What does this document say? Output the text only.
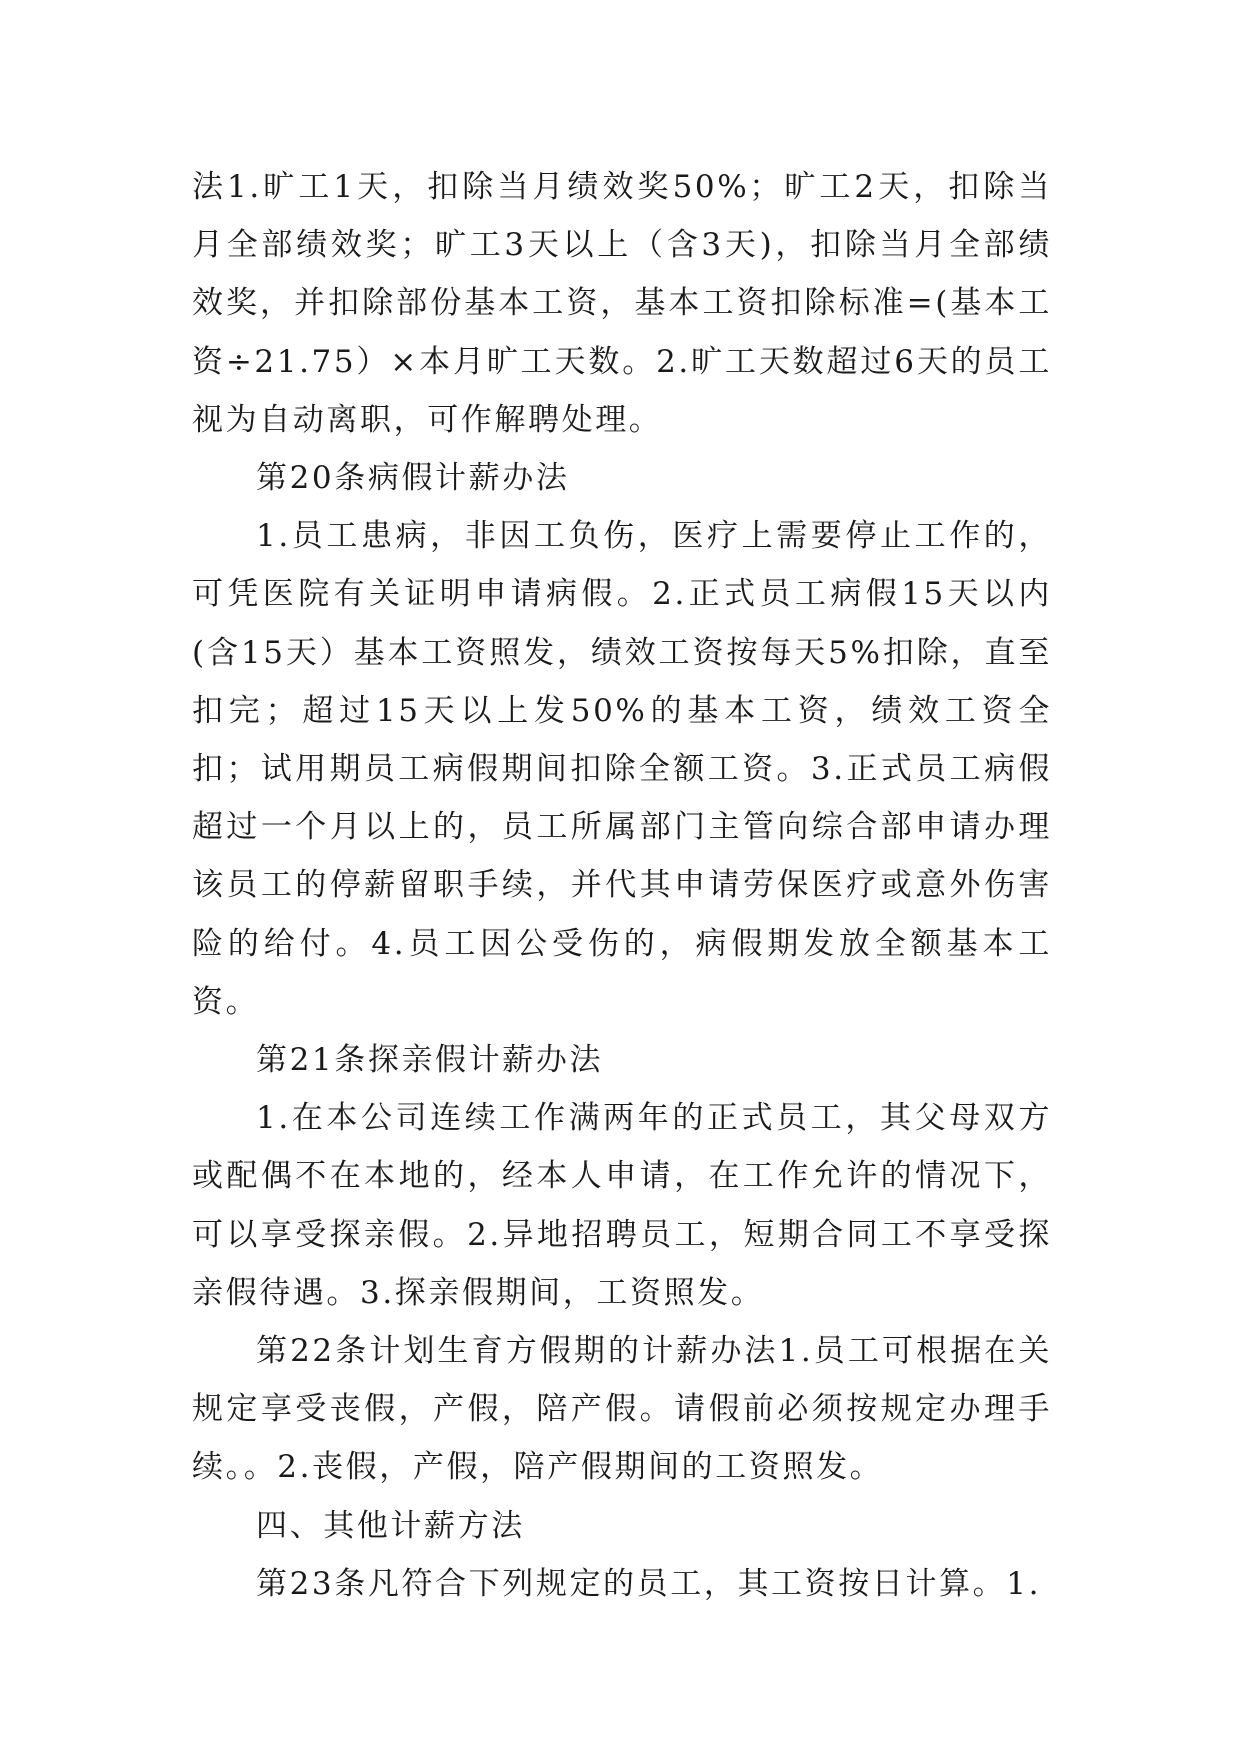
法1.旷工1天，扣除当月绩效奖50%；旷工2天，扣除当月全部绩效奖；旷工3天以上（含3天)，扣除当月全部绩效奖，并扣除部份基本工资，基本工资扣除标准=(基本工资÷21.75）×本月旷工天数。2.旷工天数超过6天的员工视为自动离职，可作解聘处理。

第20条病假计薪办法

1.员工患病，非因工负伤，医疗上需要停止工作的，可凭医院有关证明申请病假。2.正式员工病假15天以内(含15天）基本工资照发，绩效工资按每天5%扣除，直至扣完；超过15天以上发50%的基本工资，绩效工资全扣；试用期员工病假期间扣除全额工资。3.正式员工病假超过一个月以上的，员工所属部门主管向综合部申请办理该员工的停薪留职手续，并代其申请劳保医疗或意外伤害险的给付。4.员工因公受伤的，病假期发放全额基本工资。

第21条探亲假计薪办法

1.在本公司连续工作满两年的正式员工，其父母双方或配偶不在本地的，经本人申请，在工作允许的情况下，可以享受探亲假。2.异地招聘员工，短期合同工不享受探亲假待遇。3.探亲假期间，工资照发。

第22条计划生育方假期的计薪办法1.员工可根据在关规定享受丧假，产假，陪产假。请假前必须按规定办理手续。。2.丧假，产假，陪产假期间的工资照发。

四、其他计薪方法

第23条凡符合下列规定的员工，其工资按日计算。1.
